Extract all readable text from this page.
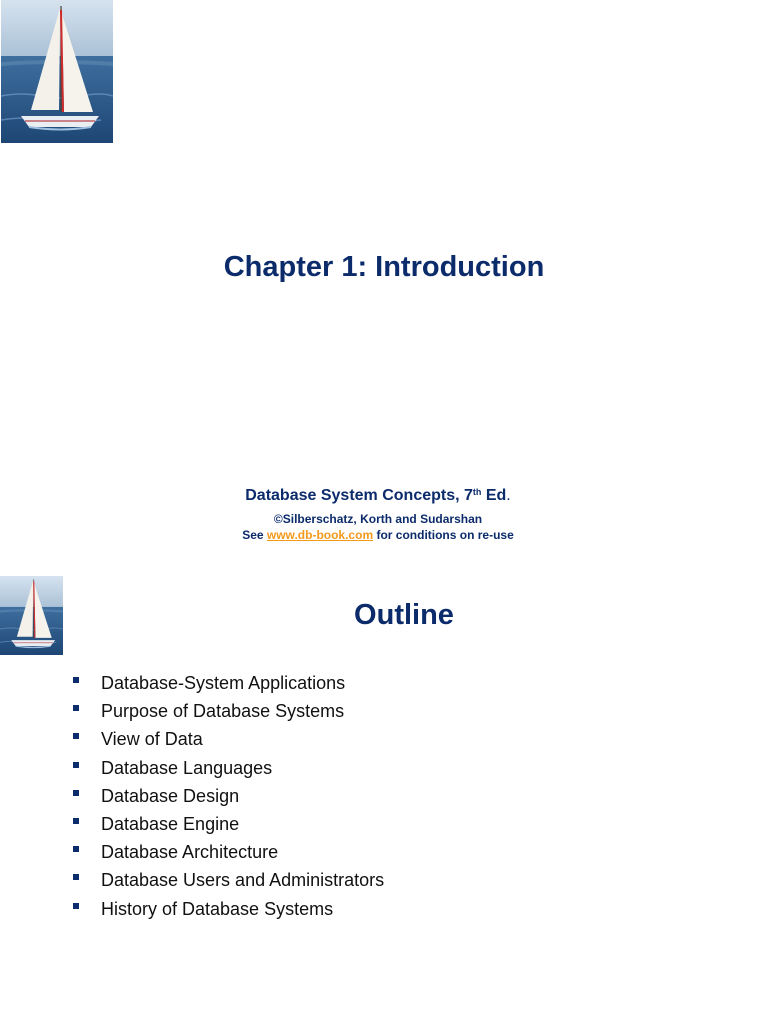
Chapter 1: Introduction
Database System Concepts, 7th Ed.
©Silberschatz, Korth and Sudarshan
See www.db-book.com for conditions on re-use
Outline
Database-System Applications
Purpose of Database Systems
View of Data
Database Languages
Database Design
Database Engine
Database Architecture
Database Users and Administrators
History of Database Systems
